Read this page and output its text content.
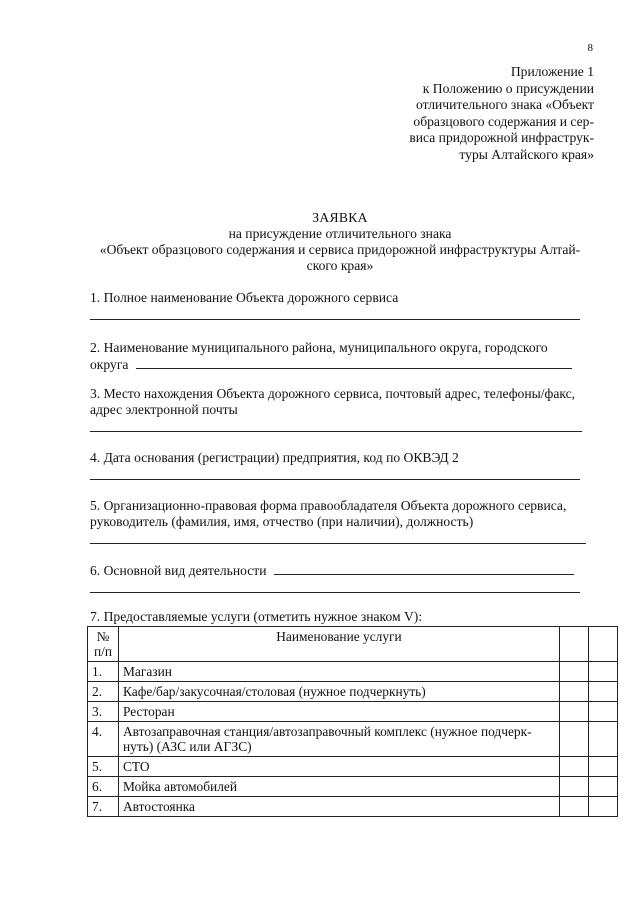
8
Приложение 1
к Положению о присуждении
отличительного знака «Объект
образцового содержания и сер-
виса придорожной инфраструк-
туры Алтайского края»
ЗАЯВКА
на присуждение отличительного знака
«Объект образцового содержания и сервиса придорожной инфраструктуры Алтай-
ского края»
1. Полное наименование Объекта дорожного сервиса
2. Наименование муниципального района, муниципального округа, городского
округа
3. Место нахождения Объекта дорожного сервиса, почтовый адрес, телефоны/факс,
адрес электронной почты
4. Дата основания (регистрации) предприятия, код по ОКВЭД 2
5. Организационно-правовая форма правообладателя Объекта дорожного сервиса,
руководитель (фамилия, имя, отчество (при наличии), должность)
6. Основной вид деятельности
7. Предоставляемые услуги (отметить нужное знаком V):
№
п/п	Наименование услуги		
1.	Магазин		
2.	Кафе/бар/закусочная/столовая (нужное подчеркнуть)		
3.	Ресторан		
4.	Автозаправочная станция/автозаправочный комплекс (нужное подчерк-
нуть) (АЗС или АГЗС)		

5.	СТО		
6.	Мойка автомобилей		
7.	Автостоянка		
